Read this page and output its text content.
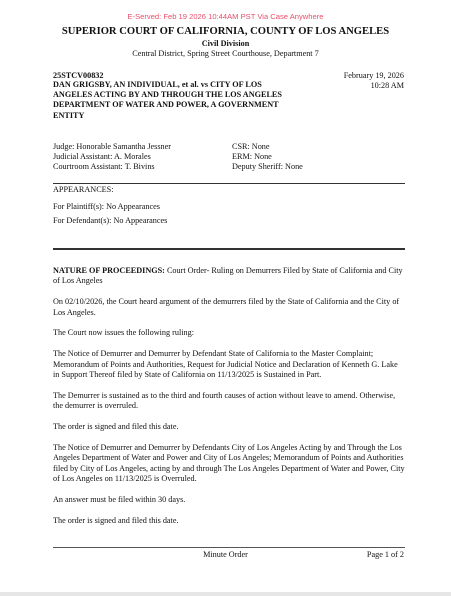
E-Served: Feb 19 2026 10:44AM PST Via Case Anywhere
SUPERIOR COURT OF CALIFORNIA, COUNTY OF LOS ANGELES
Civil Division
Central District, Spring Street Courthouse, Department 7
25STCV00832
DAN GRIGSBY, AN INDIVIDUAL, et al. vs CITY OF LOS ANGELES ACTING BY AND THROUGH THE LOS ANGELES DEPARTMENT OF WATER AND POWER, A GOVERNMENT ENTITY
February 19, 2026
10:28 AM
Judge: Honorable Samantha Jessner
Judicial Assistant: A. Morales
Courtroom Assistant: T. Bivins
CSR: None
ERM: None
Deputy Sheriff: None
APPEARANCES:
For Plaintiff(s): No Appearances
For Defendant(s): No Appearances

NATURE OF PROCEEDINGS: Court Order- Ruling on Demurrers Filed by State of California and City of Los Angeles

On 02/10/2026, the Court heard argument of the demurrers filed by the State of California and the City of Los Angeles.

The Court now issues the following ruling:

The Notice of Demurrer and Demurrer by Defendant State of California to the Master Complaint; Memorandum of Points and Authorities, Request for Judicial Notice and Declaration of Kenneth G. Lake in Support Thereof filed by State of California on 11/13/2025 is Sustained in Part.

The Demurrer is sustained as to the third and fourth causes of action without leave to amend. Otherwise, the demurrer is overruled.

The order is signed and filed this date.

The Notice of Demurrer and Demurrer by Defendants City of Los Angeles Acting by and Through the Los Angeles Department of Water and Power and City of Los Angeles; Memorandum of Points and Authorities filed by City of Los Angeles, acting by and through The Los Angeles Department of Water and Power, City of Los Angeles on 11/13/2025 is Overruled.

An answer must be filed within 30 days.

The order is signed and filed this date.

Minute Order	Page 1 of 2
